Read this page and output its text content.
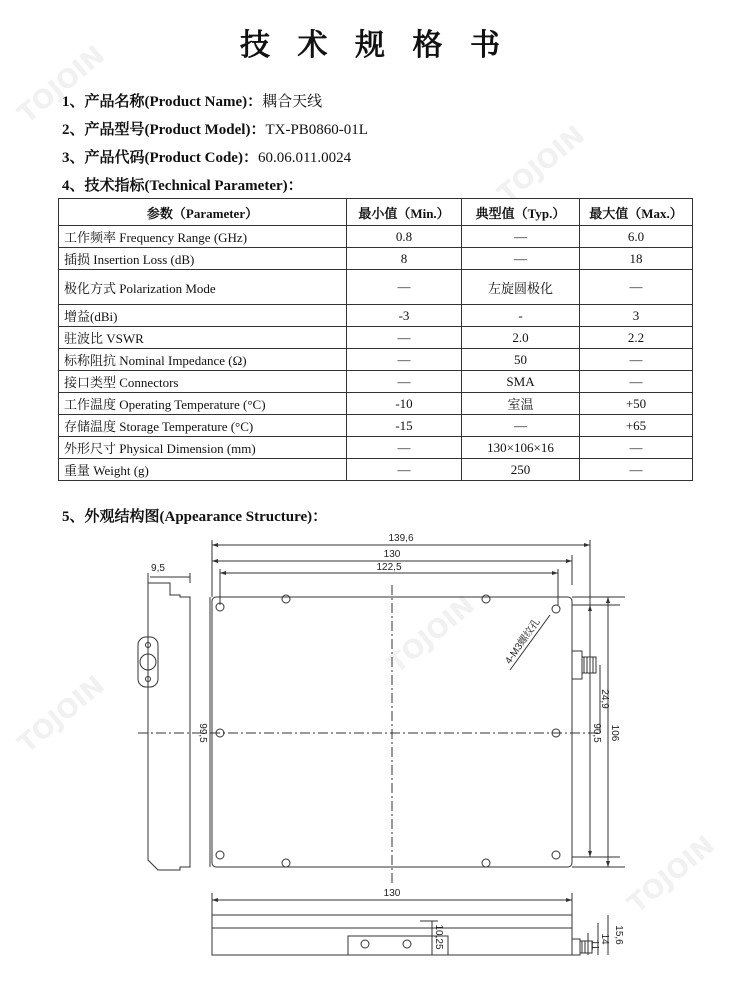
TOJOIN
TOJOIN
TOJOIN
TOJOIN
TOJOIN
技 术 规 格 书
1、产品名称(Product Name)：耦合天线
2、产品型号(Product Model)：TX-PB0860-01L
3、产品代码(Product Code)：60.06.011.0024
4、技术指标(Technical Parameter)：
参数（Parameter）	最小值（Min.）	典型值（Typ.）	最大值（Max.）
工作频率 Frequency Range (GHz)	0.8	—	6.0
插损 Insertion Loss (dB)	8	—	18
极化方式 Polarization Mode	—	左旋圆极化	—
增益(dBi)	-3	-	3
驻波比 VSWR	—	2.0	2.2
标称阻抗 Nominal Impedance (Ω)	—	50	—
接口类型 Connectors	—	SMA	—
工作温度 Operating Temperature (°C)	-10	室温	+50
存储温度 Storage Temperature (°C)	-15	—	+65
外形尺寸 Physical Dimension (mm)	—	130×106×16	—
重量 Weight (g)	—	250	—
5、外观结构图(Appearance Structure)：
139,6
130
122,5
9,5
99,5
24,9
90,5 106
4-M3螺纹孔
130
10,25	11
14 15,6
